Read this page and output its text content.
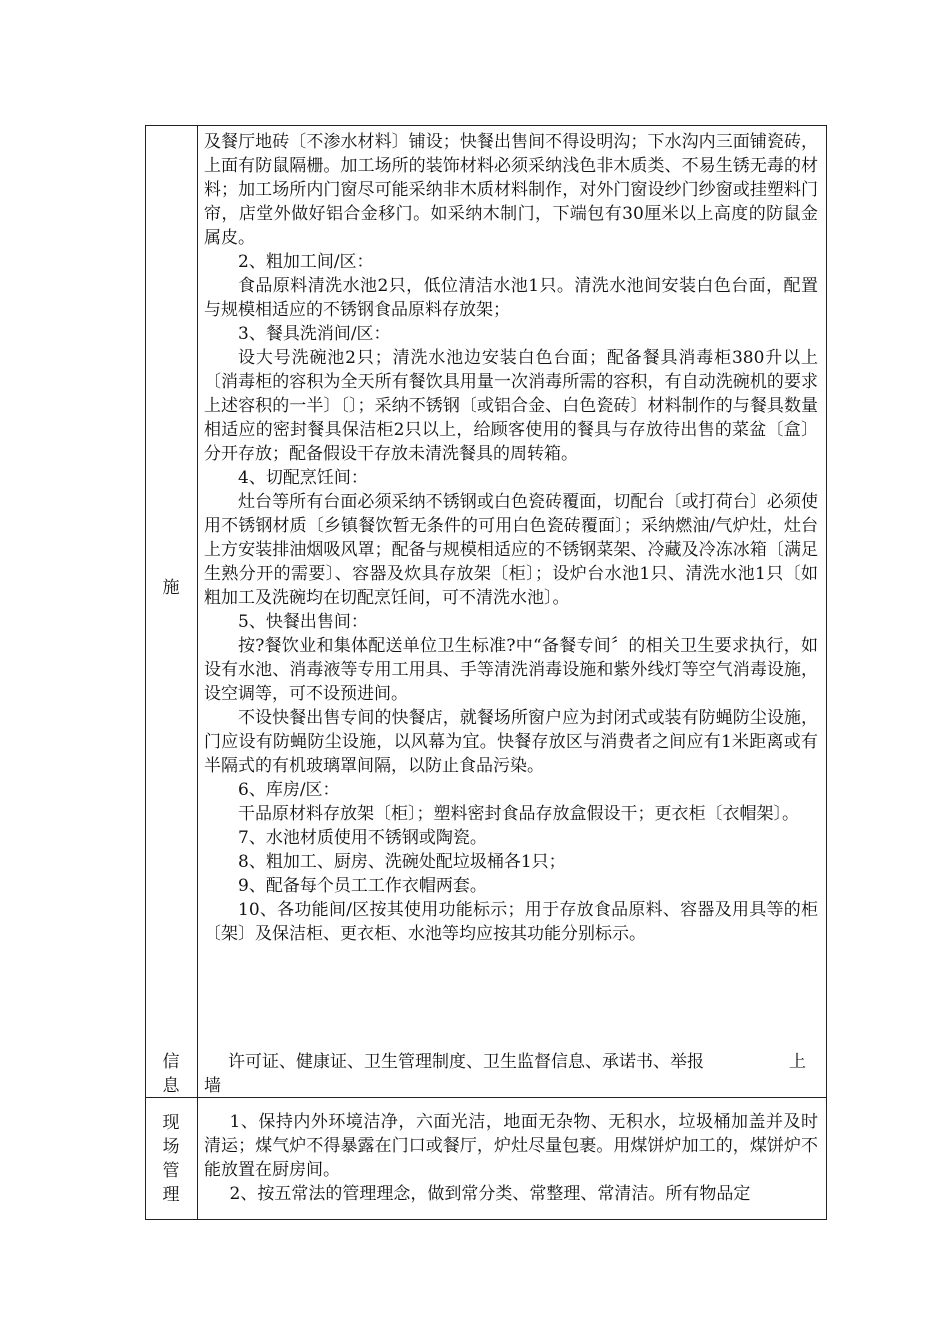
施
信
息

及餐厅地砖〔不渗水材料〕铺设；快餐出售间不得设明沟；下水沟内三面铺瓷砖，上面有防鼠隔栅。加工场所的装饰材料必须采纳浅色非木质类、不易生锈无毒的材料；加工场所内门窗尽可能采纳非木质材料制作，对外门窗设纱门纱窗或挂塑料门帘，店堂外做好铝合金移门。如采纳木制门，下端包有30厘米以上高度的防鼠金属皮。

2、粗加工间/区：

食品原料清洗水池2只，低位清洁水池1只。清洗水池间安装白色台面，配置与规模相适应的不锈钢食品原料存放架；

3、餐具洗消间/区：

设大号洗碗池2只；清洗水池边安装白色台面；配备餐具消毒柜380升以上〔消毒柜的容积为全天所有餐饮具用量一次消毒所需的容积，有自动洗碗机的要求上述容积的一半〕〔〕；采纳不锈钢〔或铝合金、白色瓷砖〕材料制作的与餐具数量相适应的密封餐具保洁柜2只以上，给顾客使用的餐具与存放待出售的菜盆〔盒〕分开存放；配备假设干存放未清洗餐具的周转箱。

4、切配烹饪间：

灶台等所有台面必须采纳不锈钢或白色瓷砖覆面，切配台〔或打荷台〕必须使用不锈钢材质〔乡镇餐饮暂无条件的可用白色瓷砖覆面〕；采纳燃油/气炉灶，灶台上方安装排油烟吸风罩；配备与规模相适应的不锈钢菜架、冷藏及冷冻冰箱〔满足生熟分开的需要〕、容器及炊具存放架〔柜〕；设炉台水池1只、清洗水池1只〔如粗加工及洗碗均在切配烹饪间，可不清洗水池〕。

5、快餐出售间：

按?餐饮业和集体配送单位卫生标准?中“备餐专间〞的相关卫生要求执行，如设有水池、消毒液等专用工用具、手等清洗消毒设施和紫外线灯等空气消毒设施，设空调等，可不设预进间。

不设快餐出售专间的快餐店，就餐场所窗户应为封闭式或装有防蝇防尘设施，门应设有防蝇防尘设施，以风幕为宜。快餐存放区与消费者之间应有1米距离或有半隔式的有机玻璃罩间隔，以防止食品污染。

6、库房/区：

干品原材料存放架〔柜〕；塑料密封食品存放盒假设干；更衣柜〔衣帽架〕。

7、水池材质使用不锈钢或陶瓷。

8、粗加工、厨房、洗碗处配垃圾桶各1只；

9、配备每个员工工作衣帽两套。

10、各功能间/区按其使用功能标示；用于存放食品原料、容器及用具等的柜〔架〕及保洁柜、更衣柜、水池等均应按其功能分别标示。

许可证、健康证、卫生管理制度、卫生监督信息、承诺书、举报	上
墙
现
场
管
理

1、保持内外环境洁净，六面光洁，地面无杂物、无积水，垃圾桶加盖并及时清运；煤气炉不得暴露在门口或餐厅，炉灶尽量包裹。用煤饼炉加工的，煤饼炉不能放置在厨房间。

2、按五常法的管理理念，做到常分类、常整理、常清洁。所有物品定
